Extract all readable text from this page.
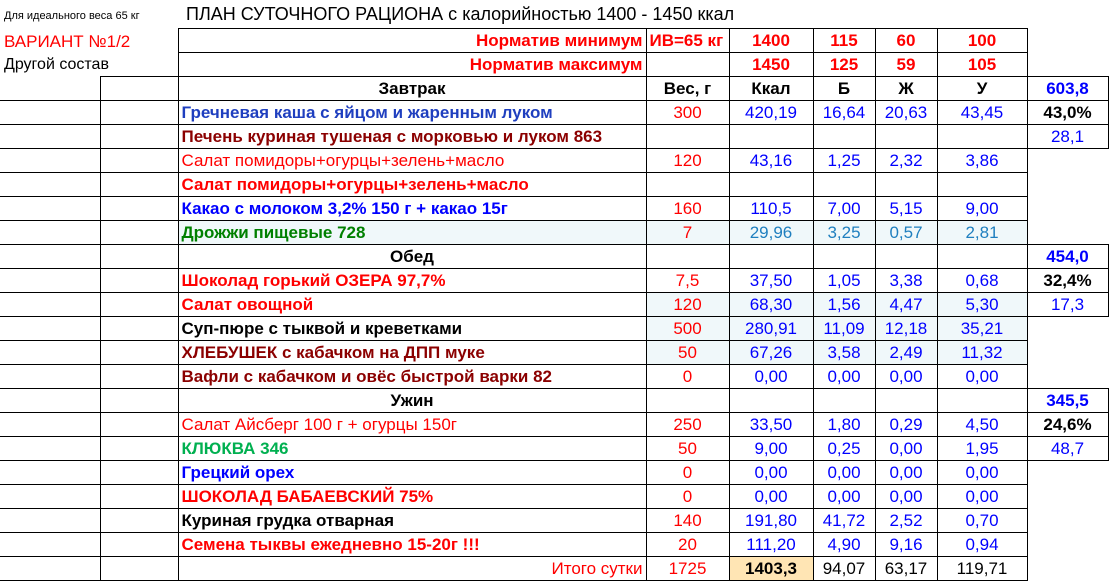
Для идеального веса 65 кг	ПЛАН СУТОЧНОГО РАЦИОНА с калорийностью 1400 - 1450 ккал
ВАРИАНТ №1/2
Другой состав
		Норматив минимум	ИВ=65 кг	1400	115	60	100	
		Норматив максимум		1450	125	59	105	
		Завтрак	Вес, г	Ккал	Б	Ж	У	603,8
		Гречневая каша с яйцом и жаренным луком	300	420,19	16,64	20,63	43,45	43,0%
		Печень куриная тушеная с морковью и луком 863						28,1
		Салат помидоры+огурцы+зелень+масло	120	43,16	1,25	2,32	3,86	
		Салат помидоры+огурцы+зелень+масло						
		Какао с молоком 3,2% 150 г + какао 15г	160	110,5	7,00	5,15	9,00	
		Дрожжи пищевые 728	7	29,96	3,25	0,57	2,81	
		Обед						454,0
		Шоколад горький ОЗЕРА 97,7%	7,5	37,50	1,05	3,38	0,68	32,4%
		Салат овощной	120	68,30	1,56	4,47	5,30	17,3
		Суп-пюре с тыквой и креветками	500	280,91	11,09	12,18	35,21	
		ХЛЕБУШЕК с кабачком на ДПП муке	50	67,26	3,58	2,49	11,32	
		Вафли с кабачком и овёс быстрой варки 82	0	0,00	0,00	0,00	0,00	
		Ужин						345,5
		Салат Айсберг 100 г + огурцы 150г	250	33,50	1,80	0,29	4,50	24,6%
		КЛЮКВА 346	50	9,00	0,25	0,00	1,95	48,7
		Грецкий орех	0	0,00	0,00	0,00	0,00	
		ШОКОЛАД БАБАЕВСКИЙ 75%	0	0,00	0,00	0,00	0,00	
		Куриная грудка отварная	140	191,80	41,72	2,52	0,70	
		Семена тыквы ежедневно 15-20г !!!	20	111,20	4,90	9,16	0,94	
		Итого сутки	1725	1403,3	94,07	63,17	119,71	
